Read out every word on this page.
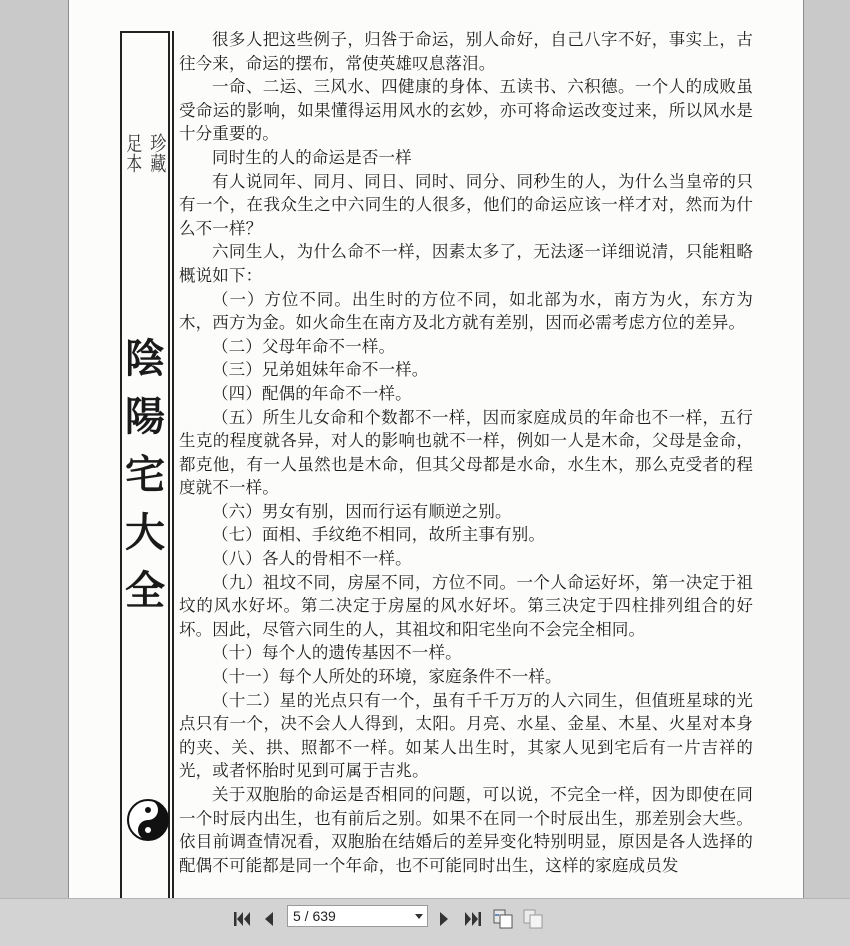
足本 珍藏
陰
陽
宅
大
全

很多人把这些例子，归咎于命运，别人命好，自己八字不好，事实上，古往今来，命运的摆布，常使英雄叹息落泪。

一命、二运、三风水、四健康的身体、五读书、六积德。一个人的成败虽受命运的影响，如果懂得运用风水的玄妙，亦可将命运改变过来，所以风水是十分重要的。

同时生的人的命运是否一样

有人说同年、同月、同日、同时、同分、同秒生的人，为什么当皇帝的只有一个，在我众生之中六同生的人很多，他们的命运应该一样才对，然而为什么不一样？

六同生人，为什么命不一样，因素太多了，无法逐一详细说清，只能粗略概说如下：

（一）方位不同。出生时的方位不同，如北部为水，南方为火，东方为木，西方为金。如火命生在南方及北方就有差别，因而必需考虑方位的差异。

（二）父母年命不一样。

（三）兄弟姐妹年命不一样。

（四）配偶的年命不一样。

（五）所生儿女命和个数都不一样，因而家庭成员的年命也不一样，五行生克的程度就各异，对人的影响也就不一样，例如一人是木命，父母是金命，都克他，有一人虽然也是木命，但其父母都是水命，水生木，那么克受者的程度就不一样。

（六）男女有别，因而行运有顺逆之别。

（七）面相、手纹绝不相同，故所主事有别。

（八）各人的骨相不一样。

（九）祖坟不同，房屋不同，方位不同。一个人命运好坏，第一决定于祖坟的风水好坏。第二决定于房屋的风水好坏。第三决定于四柱排列组合的好坏。因此，尽管六同生的人，其祖坟和阳宅坐向不会完全相同。

（十）每个人的遗传基因不一样。

（十一）每个人所处的环境，家庭条件不一样。

（十二）星的光点只有一个，虽有千千万万的人六同生，但值班星球的光点只有一个，决不会人人得到，太阳。月亮、水星、金星、木星、火星对本身的夹、关、拱、照都不一样。如某人出生时，其家人见到宅后有一片吉祥的光，或者怀胎时见到可属于吉兆。

关于双胞胎的命运是否相同的问题，可以说，不完全一样，因为即使在同一个时辰内出生，也有前后之别。如果不在同一个时辰出生，那差别会大些。依目前调查情况看，双胞胎在结婚后的差异变化特别明显，原因是各人选择的配偶不可能都是同一个年命，也不可能同时出生，这样的家庭成员发

5 / 639
